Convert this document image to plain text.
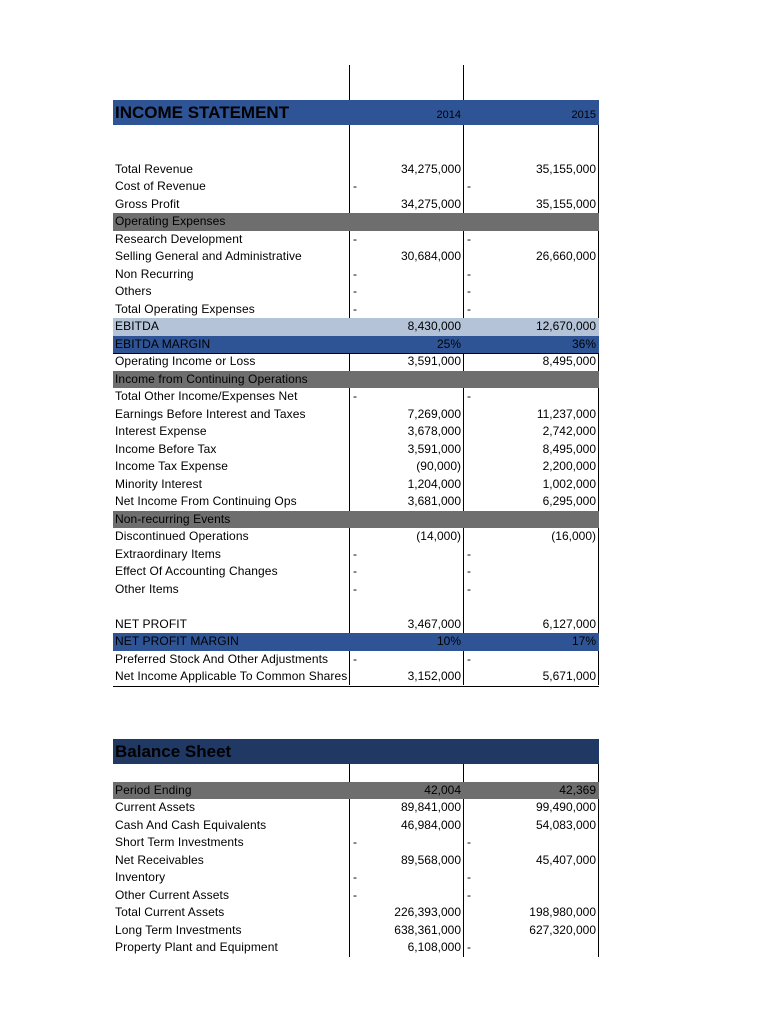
INCOME STATEMENT	2014	2015
Total Revenue	34,275,000	35,155,000
Cost of Revenue	-	-
Gross Profit	34,275,000	35,155,000
Operating Expenses
Research Development	-	-
Selling General and Administrative	30,684,000	26,660,000
Non Recurring	-	-
Others	-	-
Total Operating Expenses	-	-
EBITDA	8,430,000	12,670,000
EBITDA MARGIN	25%	36%
Operating Income or Loss	3,591,000	8,495,000
Income from Continuing Operations
Total Other Income/Expenses Net	-	-
Earnings Before Interest and Taxes	7,269,000	11,237,000
Interest Expense	3,678,000	2,742,000
Income Before Tax	3,591,000	8,495,000
Income Tax Expense	(90,000)	2,200,000
Minority Interest	1,204,000	1,002,000
Net Income From Continuing Ops	3,681,000	6,295,000
Non-recurring Events
Discontinued Operations	(14,000)	(16,000)
Extraordinary Items	-	-
Effect Of Accounting Changes	-	-
Other Items	-	-
NET PROFIT	3,467,000	6,127,000
NET PROFIT MARGIN	10%	17%
Preferred Stock And Other Adjustments	-	-
Net Income Applicable To Common Shares	3,152,000	5,671,000
Balance Sheet
Period Ending	42,004	42,369
Current Assets	89,841,000	99,490,000
Cash And Cash Equivalents	46,984,000	54,083,000
Short Term Investments	-	-
Net Receivables	89,568,000	45,407,000
Inventory	-	-
Other Current Assets	-	-
Total Current Assets	226,393,000	198,980,000
Long Term Investments	638,361,000	627,320,000
Property Plant and Equipment	6,108,000 -
